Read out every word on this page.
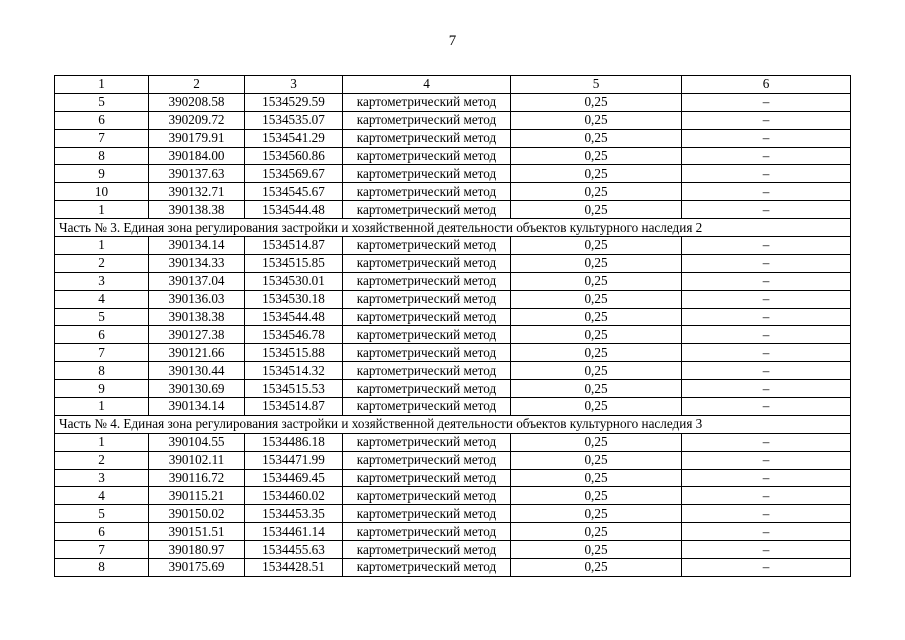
7
1	2	3	4	5	6
5	390208.58	1534529.59	картометрический метод	0,25	–
6	390209.72	1534535.07	картометрический метод	0,25	–
7	390179.91	1534541.29	картометрический метод	0,25	–
8	390184.00	1534560.86	картометрический метод	0,25	–
9	390137.63	1534569.67	картометрический метод	0,25	–
10	390132.71	1534545.67	картометрический метод	0,25	–
1	390138.38	1534544.48	картометрический метод	0,25	–
Часть № 3. Единая зона регулирования застройки и хозяйственной деятельности объектов культурного наследия 2					
1	390134.14	1534514.87	картометрический метод	0,25	–
2	390134.33	1534515.85	картометрический метод	0,25	–
3	390137.04	1534530.01	картометрический метод	0,25	–
4	390136.03	1534530.18	картометрический метод	0,25	–
5	390138.38	1534544.48	картометрический метод	0,25	–
6	390127.38	1534546.78	картометрический метод	0,25	–
7	390121.66	1534515.88	картометрический метод	0,25	–
8	390130.44	1534514.32	картометрический метод	0,25	–
9	390130.69	1534515.53	картометрический метод	0,25	–
1	390134.14	1534514.87	картометрический метод	0,25	–
Часть № 4. Единая зона регулирования застройки и хозяйственной деятельности объектов культурного наследия 3					
1	390104.55	1534486.18	картометрический метод	0,25	–
2	390102.11	1534471.99	картометрический метод	0,25	–
3	390116.72	1534469.45	картометрический метод	0,25	–
4	390115.21	1534460.02	картометрический метод	0,25	–
5	390150.02	1534453.35	картометрический метод	0,25	–
6	390151.51	1534461.14	картометрический метод	0,25	–
7	390180.97	1534455.63	картометрический метод	0,25	–
8	390175.69	1534428.51	картометрический метод	0,25	–
